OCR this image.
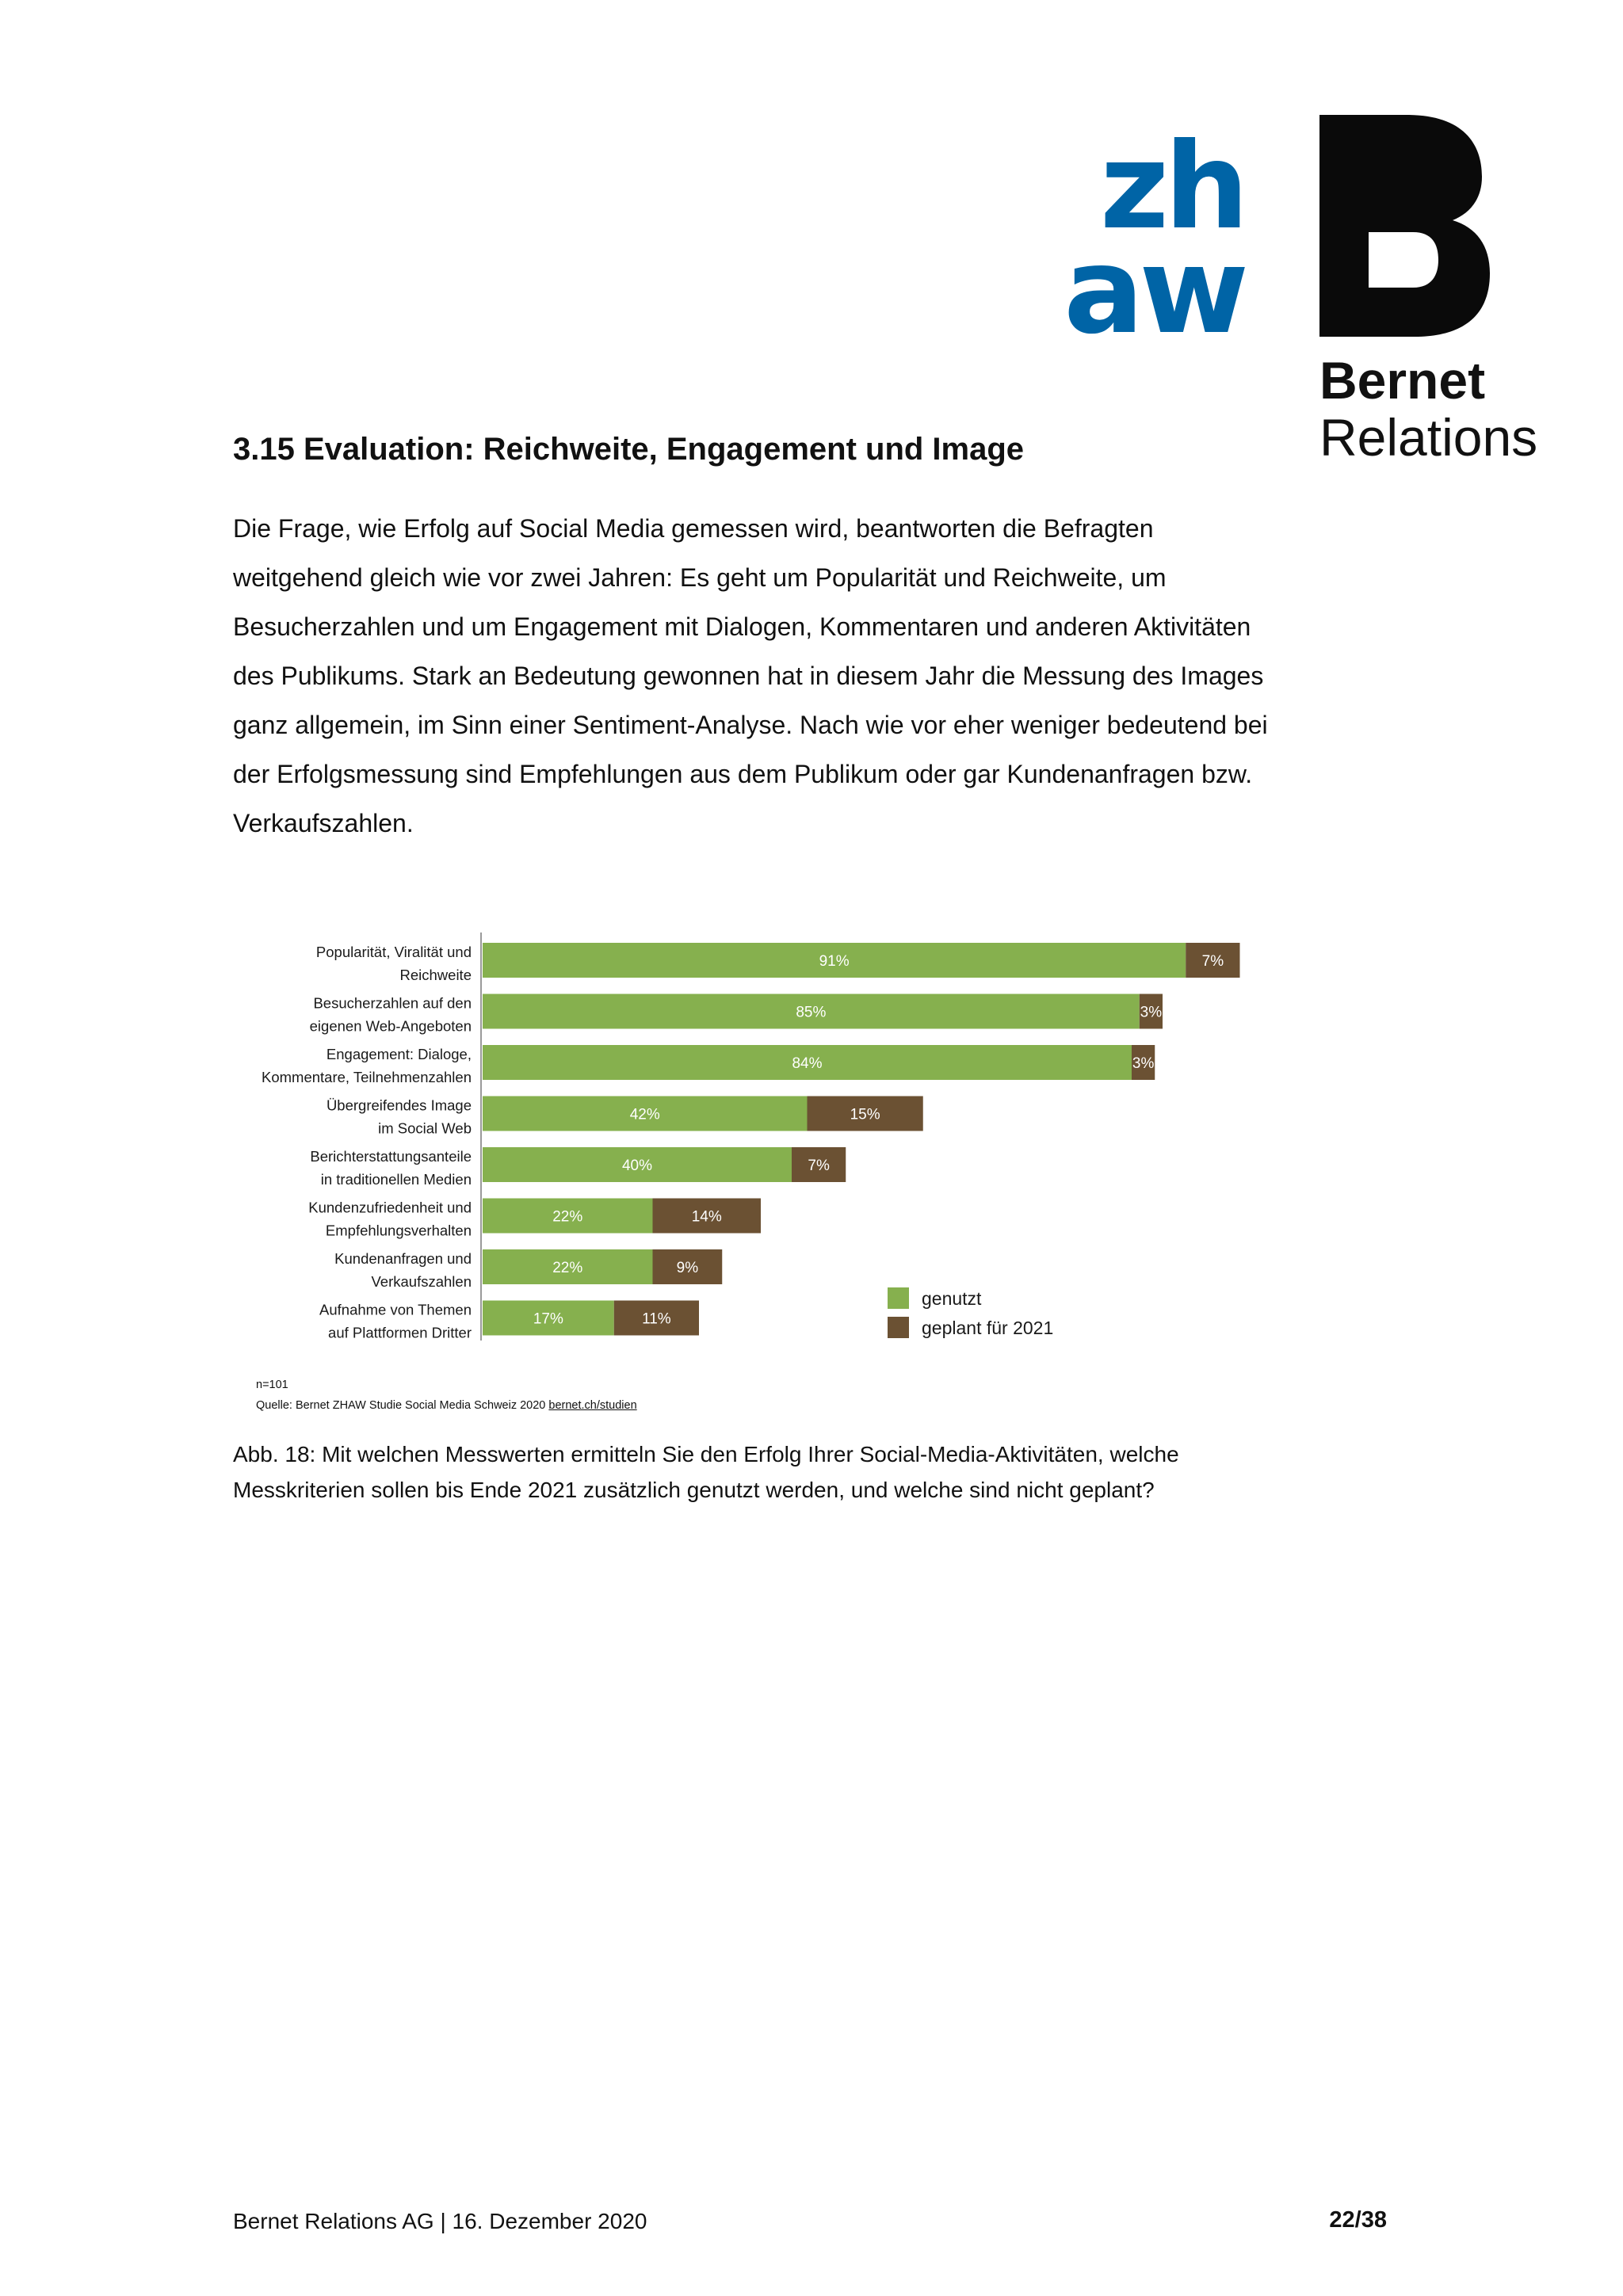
zh
aw
Bernet
Relations
3.15 Evaluation: Reichweite, Engagement und Image

Die Frage, wie Erfolg auf Social Media gemessen wird, beantworten die Befragten weitgehend gleich wie vor zwei Jahren: Es geht um Popularität und Reichweite, um Besucherzahlen und um Engagement mit Dialogen, Kommentaren und anderen Aktivitäten des Publikums. Stark an Bedeutung gewonnen hat in diesem Jahr die Messung des Images ganz allgemein, im Sinn einer Sentiment-Analyse. Nach wie vor eher weniger bedeutend bei der Erfolgsmessung sind Empfehlungen aus dem Publikum oder gar Kundenanfragen bzw. Verkaufszahlen.

Popularität, Viralität und Reichweite
91%	7%
Besucherzahlen auf den eigenen Web-Angeboten
85%	3%
Engagement: Dialoge, Kommentare, Teilnehmenzahlen
84%	3%
Übergreifendes Image im Social Web
42%	15%
Berichterstattungsanteile in traditionellen Medien
40%	7%
Kundenzufriedenheit und Empfehlungsverhalten
22%	14%
Kundenanfragen und Verkaufszahlen
22%	9%
Aufnahme von Themen auf Plattformen Dritter
17%	11%
genutzt
geplant für 2021
n=101
Quelle: Bernet ZHAW Studie Social Media Schweiz 2020 bernet.ch/studien

Abb. 18: Mit welchen Messwerten ermitteln Sie den Erfolg Ihrer Social-Media-Aktivitäten, welche Messkriterien sollen bis Ende 2021 zusätzlich genutzt werden, und welche sind nicht geplant?

Bernet Relations AG | 16. Dezember 2020	22/38
